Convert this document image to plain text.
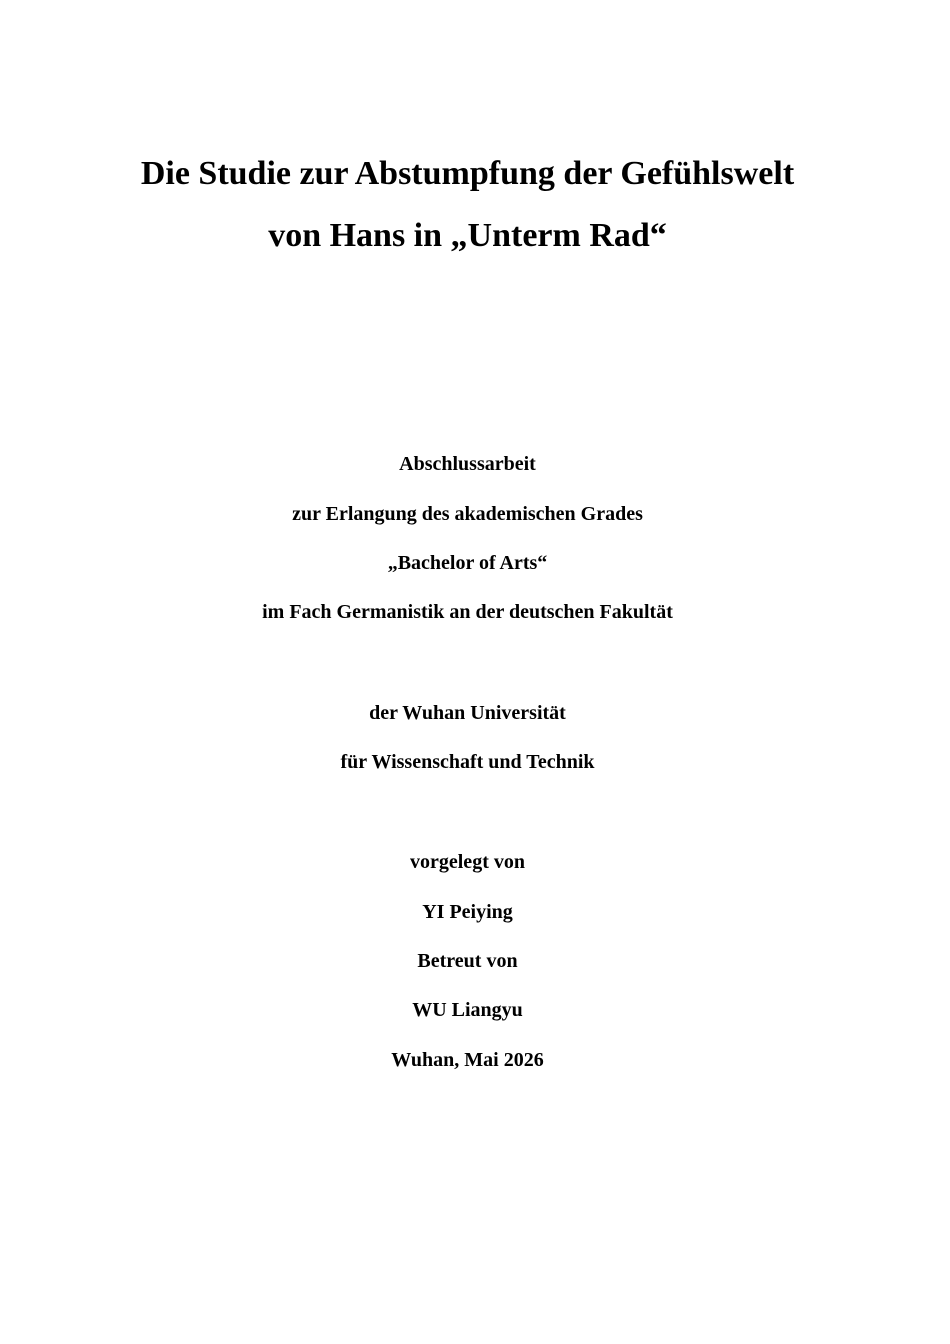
Die Studie zur Abstumpfung der Gefühlswelt
von Hans in „Unterm Rad“
Abschlussarbeit
zur Erlangung des akademischen Grades
„Bachelor of Arts“
im Fach Germanistik an der deutschen Fakultät
der Wuhan Universität
für Wissenschaft und Technik
vorgelegt von
YI Peiying
Betreut von
WU Liangyu
Wuhan, Mai 2026
